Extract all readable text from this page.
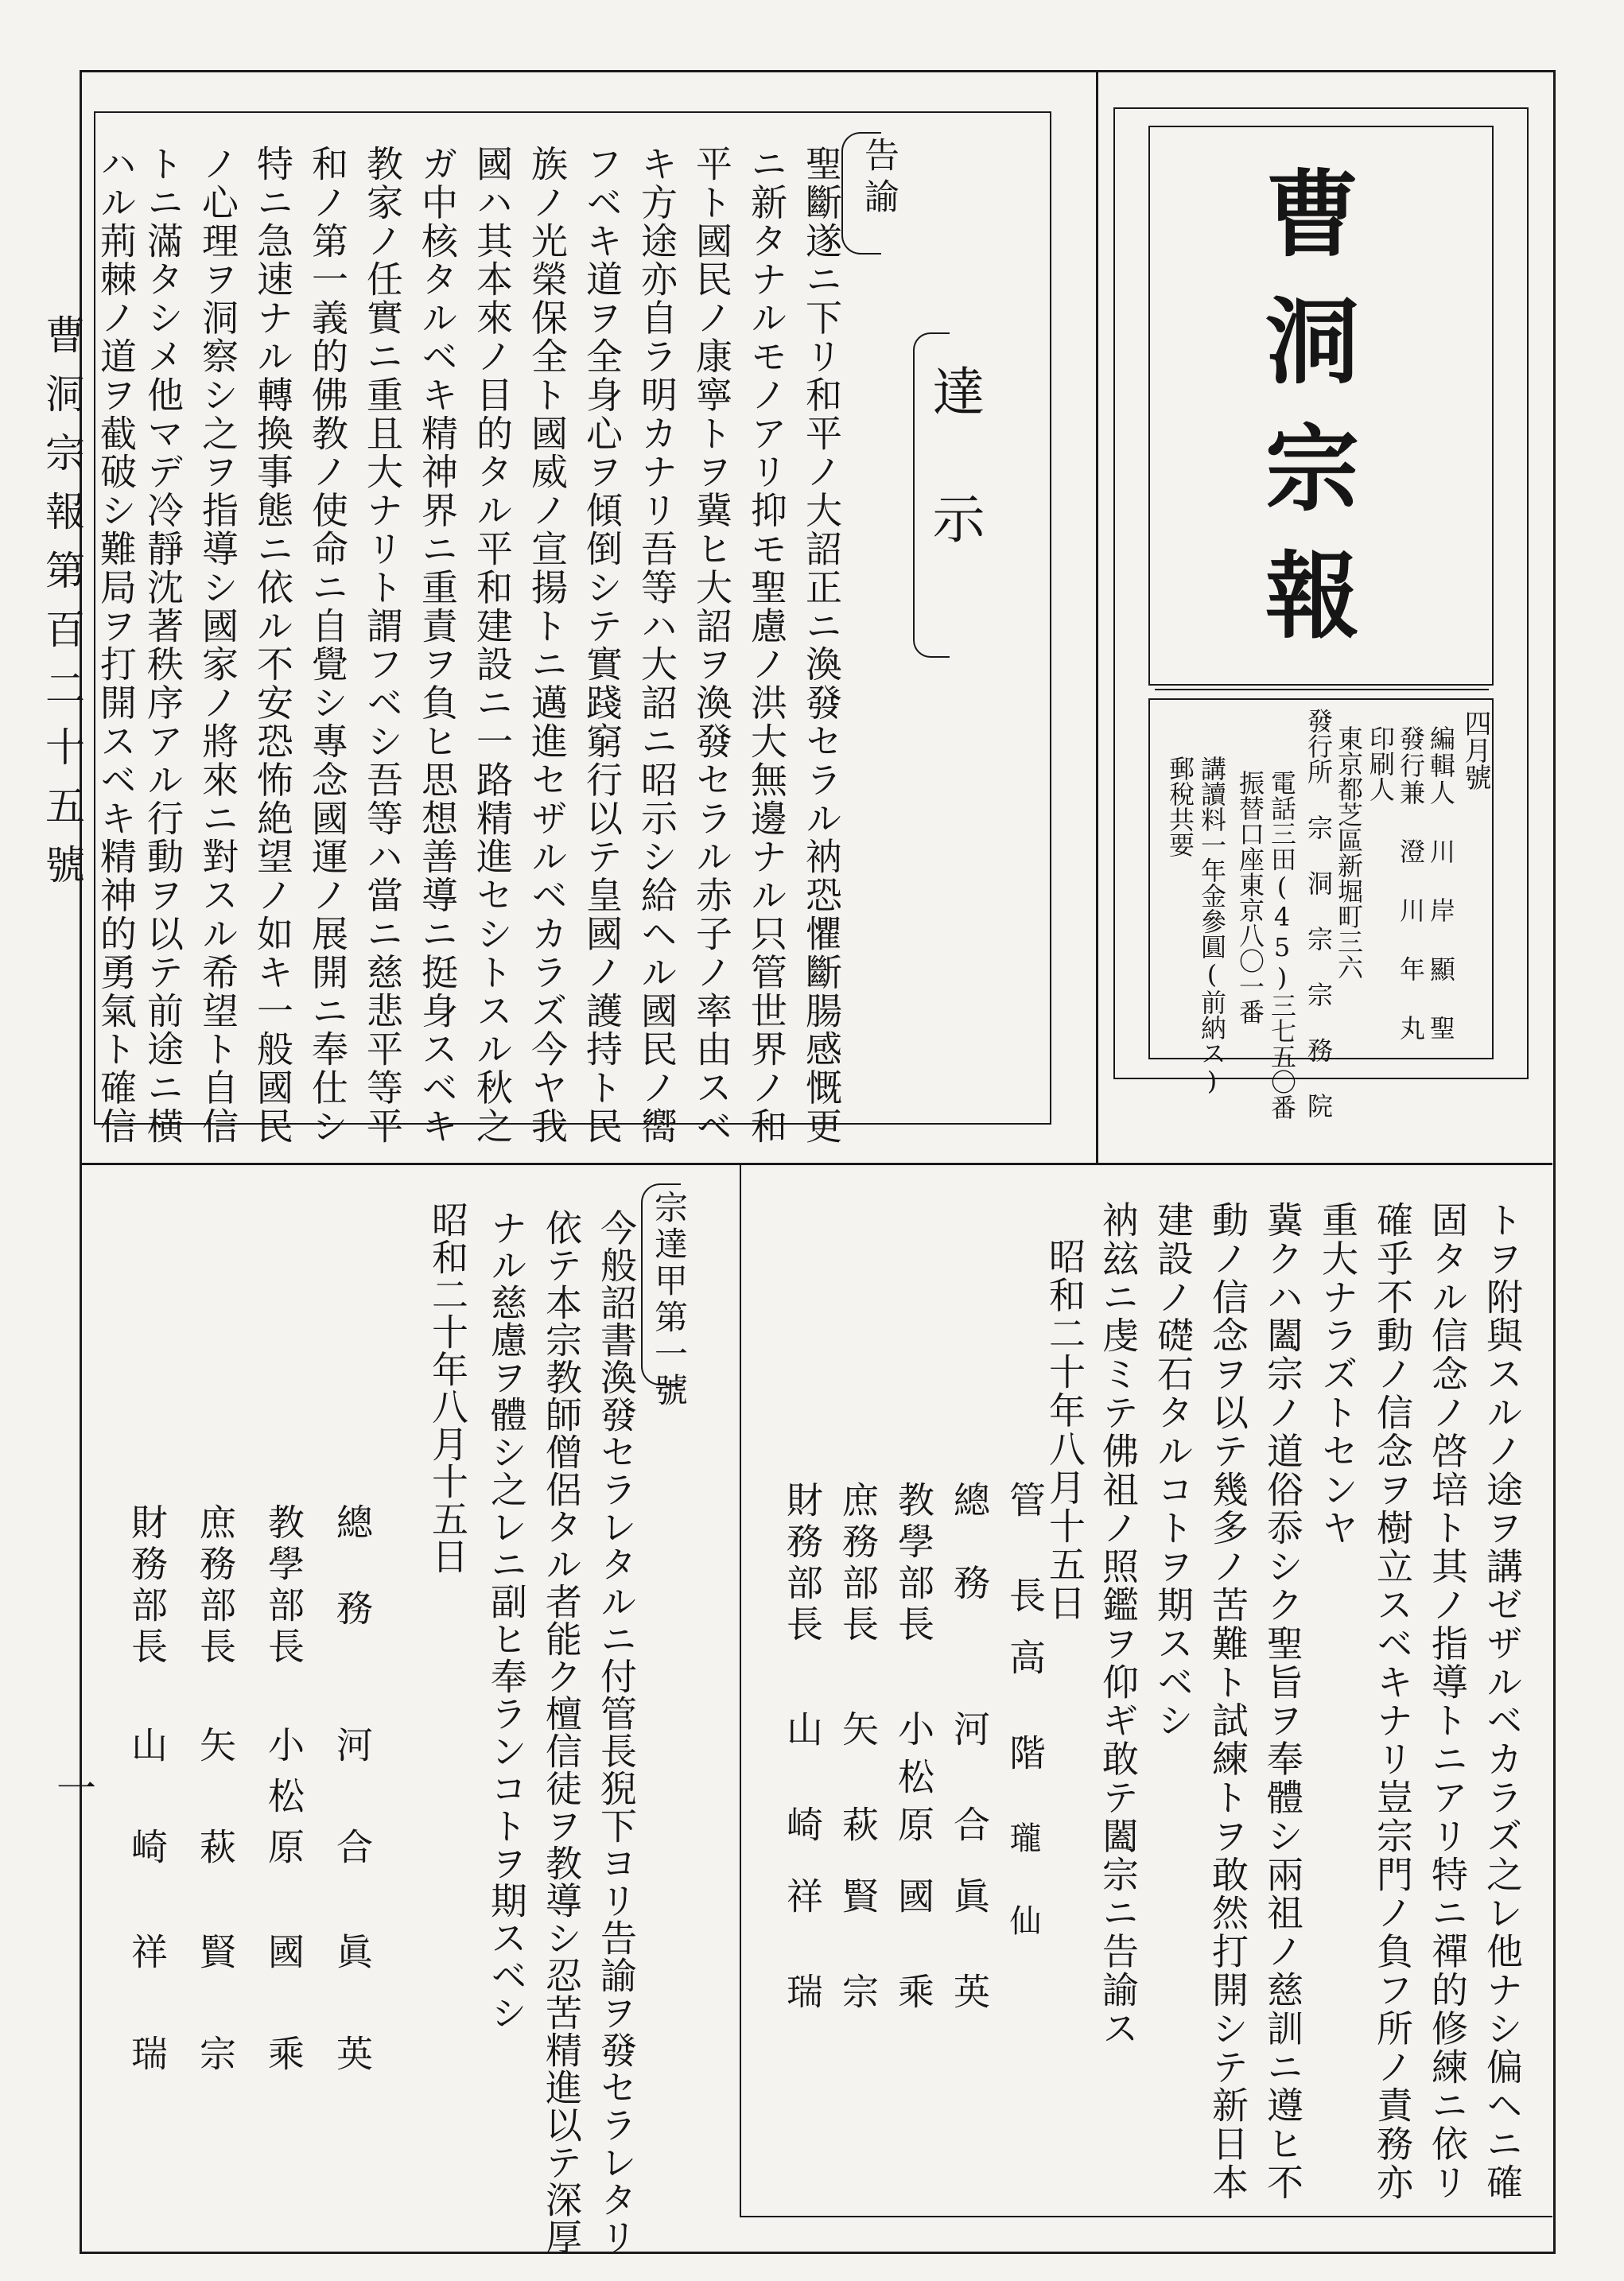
曹洞宗報第百二十五號
一
達　示
曹
洞
宗
報
四月號
編輯人 川 岸 顯 聖
發行兼 澄 川 年 丸
印刷人
東京都芝區新堀町三六
發行所 宗 洞 宗 宗 務 院
電話三田(45)三七五〇番
振替口座東京八〇一番
講讀料一年金參圓(前納ス)
郵稅共要
告諭
聖斷遂ニ下リ和平ノ大詔正ニ渙發セラル衲恐懼斷腸感慨更
ニ新タナルモノアリ抑モ聖慮ノ洪大無邊ナル只管世界ノ和
平ト國民ノ康寧トヲ冀ヒ大詔ヲ渙發セラル赤子ノ率由スベ
キ方途亦自ラ明カナリ吾等ハ大詔ニ昭示シ給ヘル國民ノ嚮
フベキ道ヲ全身心ヲ傾倒シテ實踐窮行以テ皇國ノ護持ト民
族ノ光榮保全ト國威ノ宣揚トニ邁進セザルベカラズ今ヤ我
國ハ其本來ノ目的タル平和建設ニ一路精進セシトスル秋之
ガ中核タルベキ精神界ニ重責ヲ負ヒ思想善導ニ挺身スベキ
教家ノ任實ニ重且大ナリト謂フベシ吾等ハ當ニ慈悲平等平
和ノ第一義的佛教ノ使命ニ自覺シ專念國運ノ展開ニ奉仕シ
特ニ急速ナル轉換事態ニ依ル不安恐怖絶望ノ如キ一般國民
ノ心理ヲ洞察シ之ヲ指導シ國家ノ將來ニ對スル希望ト自信
トニ滿タシメ他マデ冷靜沈著秩序アル行動ヲ以テ前途ニ横
ハル荊棘ノ道ヲ截破シ難局ヲ打開スベキ精神的勇氣ト確信
トヲ附與スルノ途ヲ講ゼザルベカラズ之レ他ナシ偏ヘニ確
固タル信念ノ啓培ト其ノ指導トニアリ特ニ禪的修練ニ依リ
確乎不動ノ信念ヲ樹立スベキナリ豈宗門ノ負フ所ノ責務亦
重大ナラズトセンヤ
冀クハ闔宗ノ道俗忝シク聖旨ヲ奉體シ兩祖ノ慈訓ニ遵ヒ不
動ノ信念ヲ以テ幾多ノ苦難ト試練トヲ敢然打開シテ新日本
建設ノ礎石タルコトヲ期スベシ
衲玆ニ虔ミテ佛祖ノ照鑑ヲ仰ギ敢テ闔宗ニ告諭ス
昭和二十年八月十五日
管　長
高　階
瓏　仙
總　務
河　合
眞　英
教學部長
小松原
國　乘
庶務部長
矢　萩
賢　宗
財務部長
山　崎
祥　瑞
宗達甲第一號
今般詔書渙發セラレタルニ付管長猊下ヨリ告諭ヲ發セラレタリ
依テ本宗教師僧侶タル者能ク檀信徒ヲ教導シ忍苦精進以テ深厚
ナル慈慮ヲ體シ之レニ副ヒ奉ランコトヲ期スベシ
昭和二十年八月十五日
總　務
河　合
眞　英
教學部長
小松原
國　乘
庶務部長
矢　萩
賢　宗
財務部長
山　崎
祥　瑞
